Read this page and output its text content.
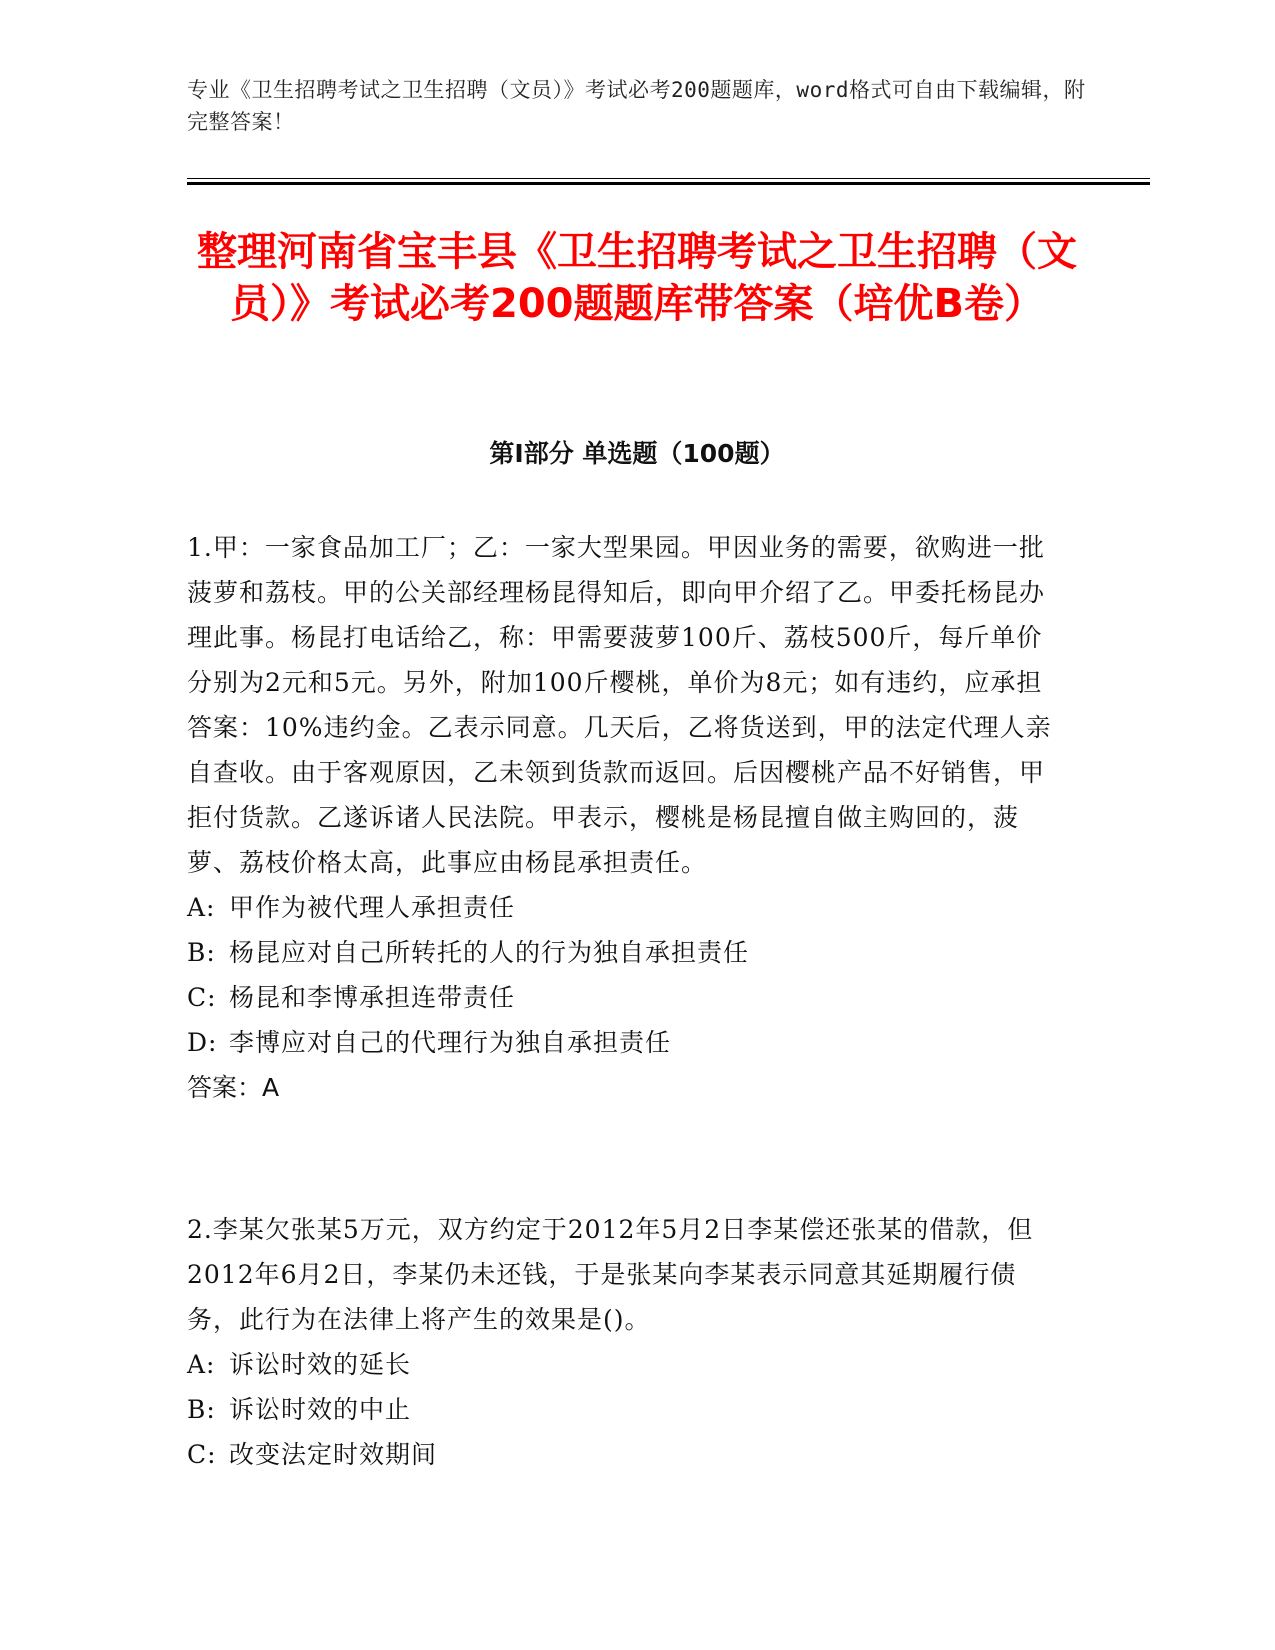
专业《卫生招聘考试之卫生招聘（文员）》考试必考200题题库，word格式可自由下载编辑，附完整答案！
整理河南省宝丰县《卫生招聘考试之卫生招聘（文员）》考试必考200题题库带答案（培优B卷）
第Ⅰ部分 单选题（100题）

1.甲：一家食品加工厂；乙：一家大型果园。甲因业务的需要，欲购进一批菠萝和荔枝。甲的公关部经理杨昆得知后，即向甲介绍了乙。甲委托杨昆办理此事。杨昆打电话给乙，称：甲需要菠萝100斤、荔枝500斤，每斤单价分别为2元和5元。另外，附加100斤樱桃，单价为8元；如有违约，应承担答案：10%违约金。乙表示同意。几天后，乙将货送到，甲的法定代理人亲自查收。由于客观原因，乙未领到货款而返回。后因樱桃产品不好销售，甲拒付货款。乙遂诉诸人民法院。甲表示，樱桃是杨昆擅自做主购回的，菠萝、荔枝价格太高，此事应由杨昆承担责任。

A: 甲作为被代理人承担责任

B: 杨昆应对自己所转托的人的行为独自承担责任

C: 杨昆和李博承担连带责任

D: 李博应对自己的代理行为独自承担责任

答案：A

2.李某欠张某5万元，双方约定于2012年5月2日李某偿还张某的借款，但2012年6月2日，李某仍未还钱，于是张某向李某表示同意其延期履行债务，此行为在法律上将产生的效果是()。

A: 诉讼时效的延长

B: 诉讼时效的中止

C: 改变法定时效期间
